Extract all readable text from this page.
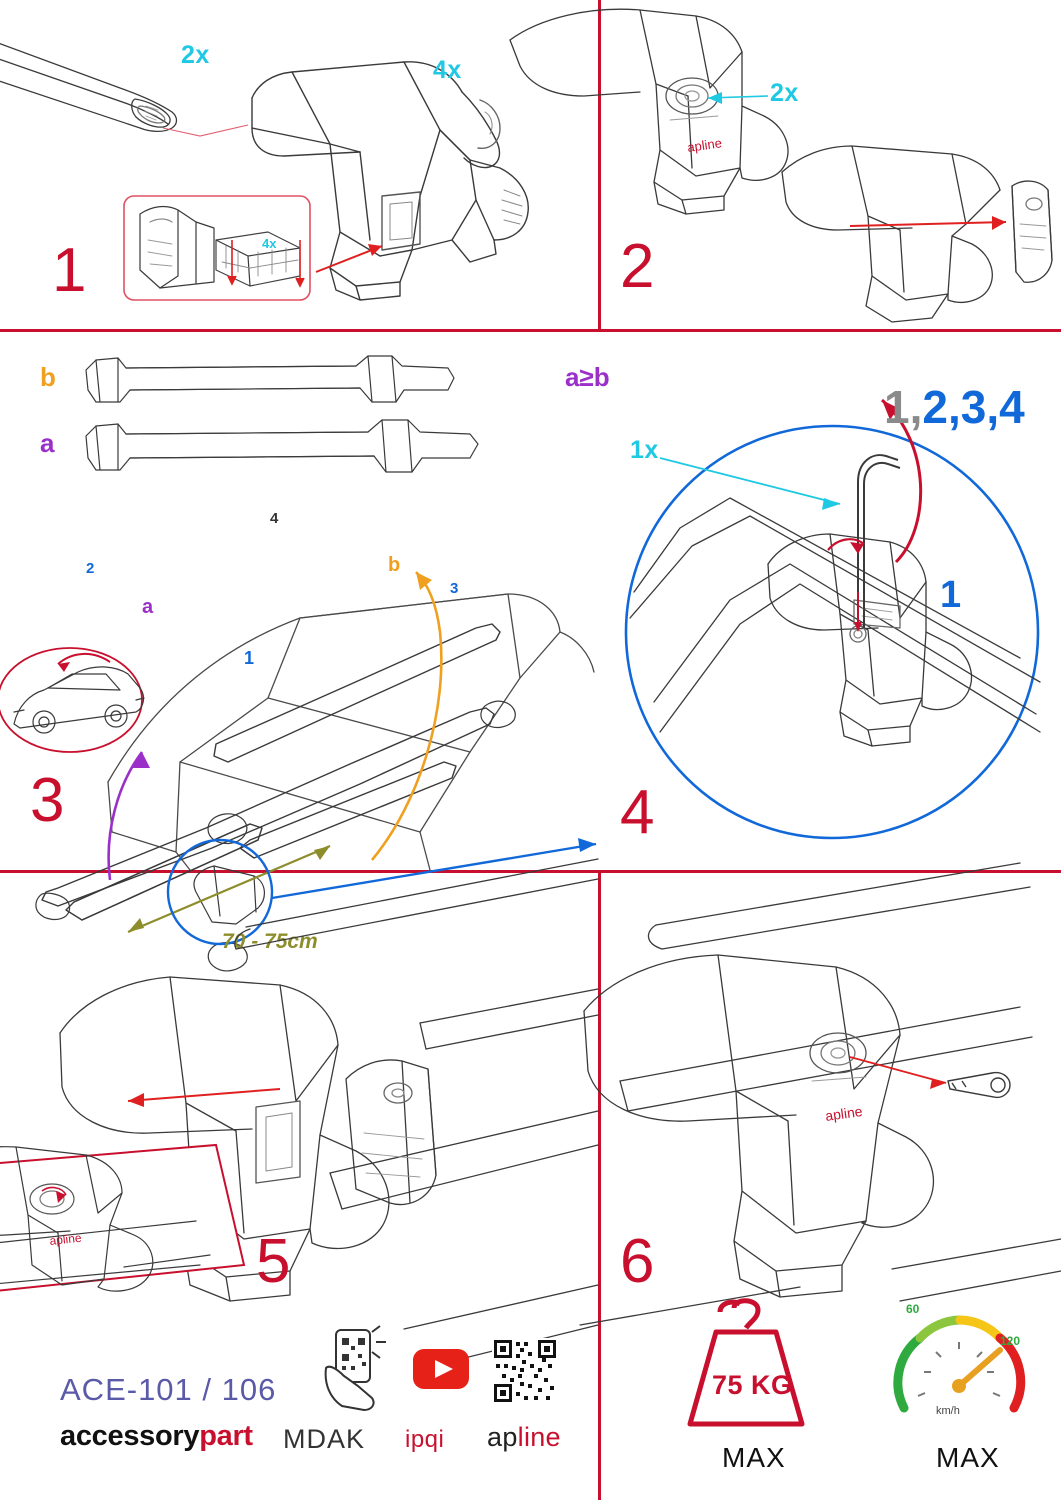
2x
4x
4x
1
apline
2x
2
b
a
a≥b
70 - 75cm
1
2
3
4
a
b
3
1x
1,2,3,4
1
4
apline	5
apline
6
ACE-101 / 106
accessorypart MDAK ipqi apline
75 KG
MAX
60
120
km/h
MAX
